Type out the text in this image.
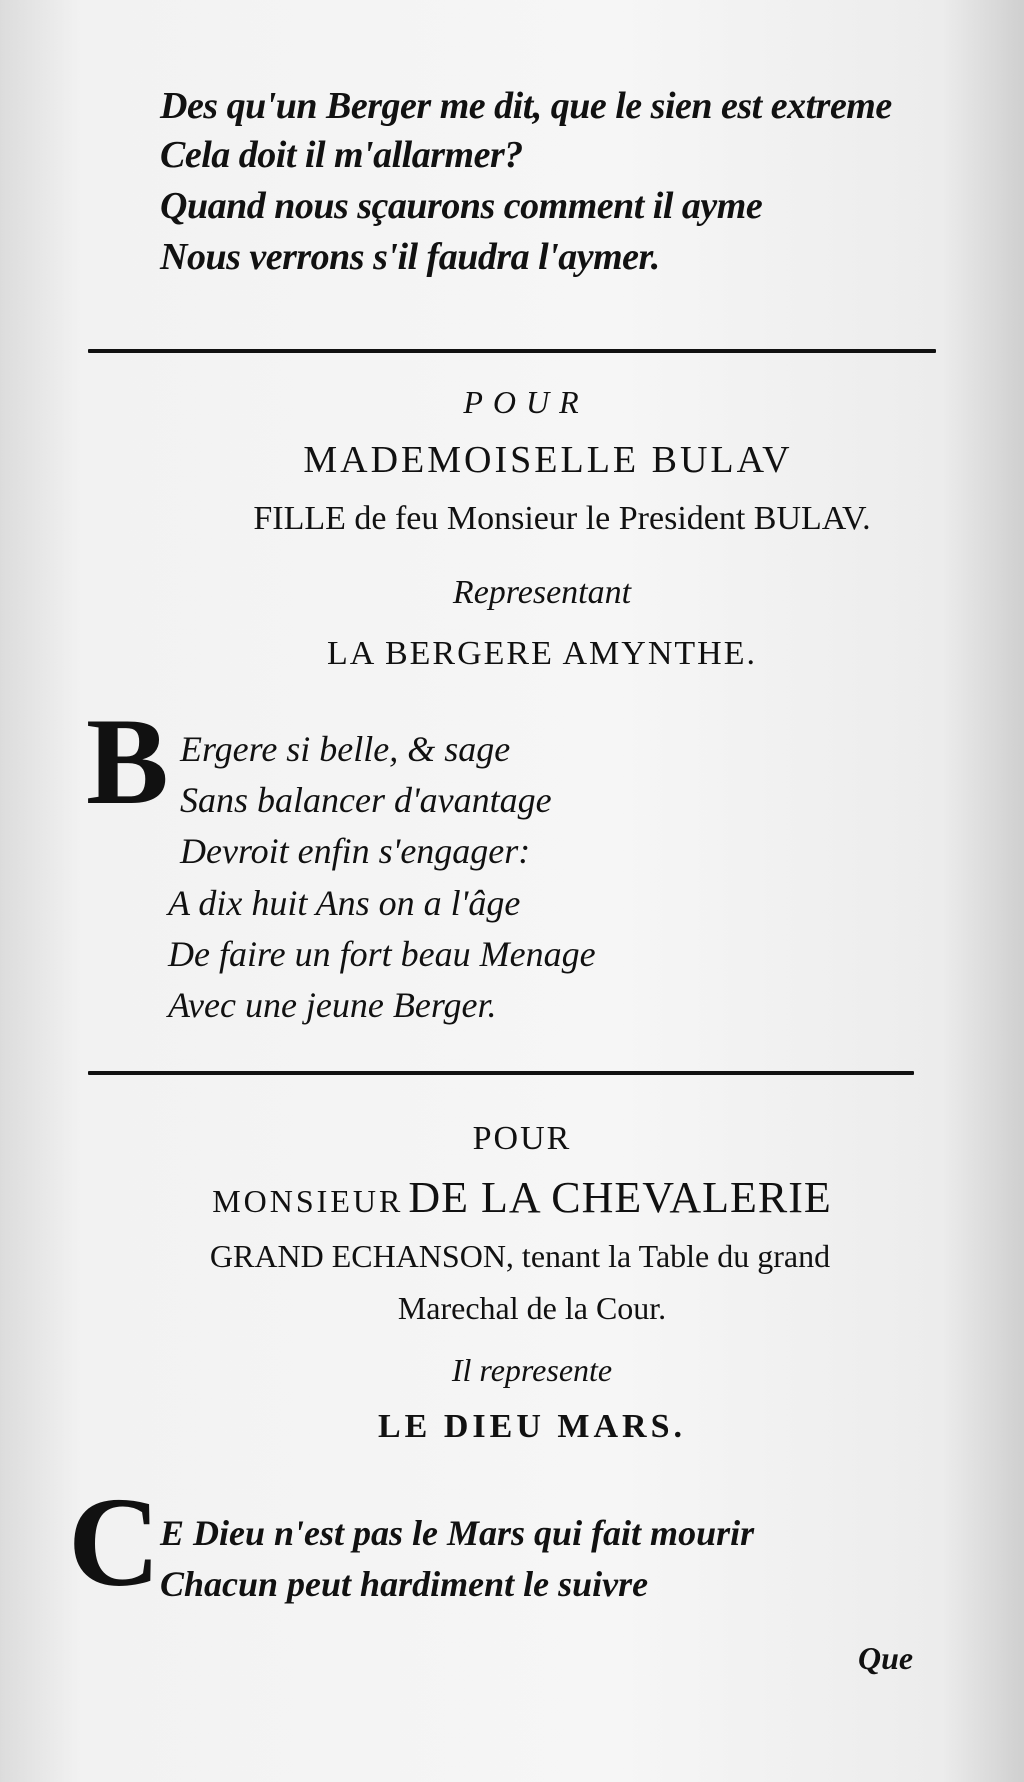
Des qu'un Berger me dit, que le sien est extreme
Cela doit il m'allarmer?
Quand nous sçaurons comment il ayme
Nous verrons s'il faudra l'aymer.
POUR
MADEMOISELLE BULAV
FILLE de feu Monsieur le President BULAV.
Representant
LA BERGERE AMYNTHE.
B Ergere si belle, & sage
Sans balancer d'avantage
Devroit enfin s'engager:
A dix huit Ans on a l'âge
De faire un fort beau Menage
Avec une jeune Berger.
POUR
MONSIEUR DE LA CHEVALERIE
GRAND ECHANSON, tenant la Table du grand
Marechal de la Cour.
Il represente
LE DIEU MARS.
C E Dieu n'est pas le Mars qui fait mourir
Chacun peut hardiment le suivre
Que
